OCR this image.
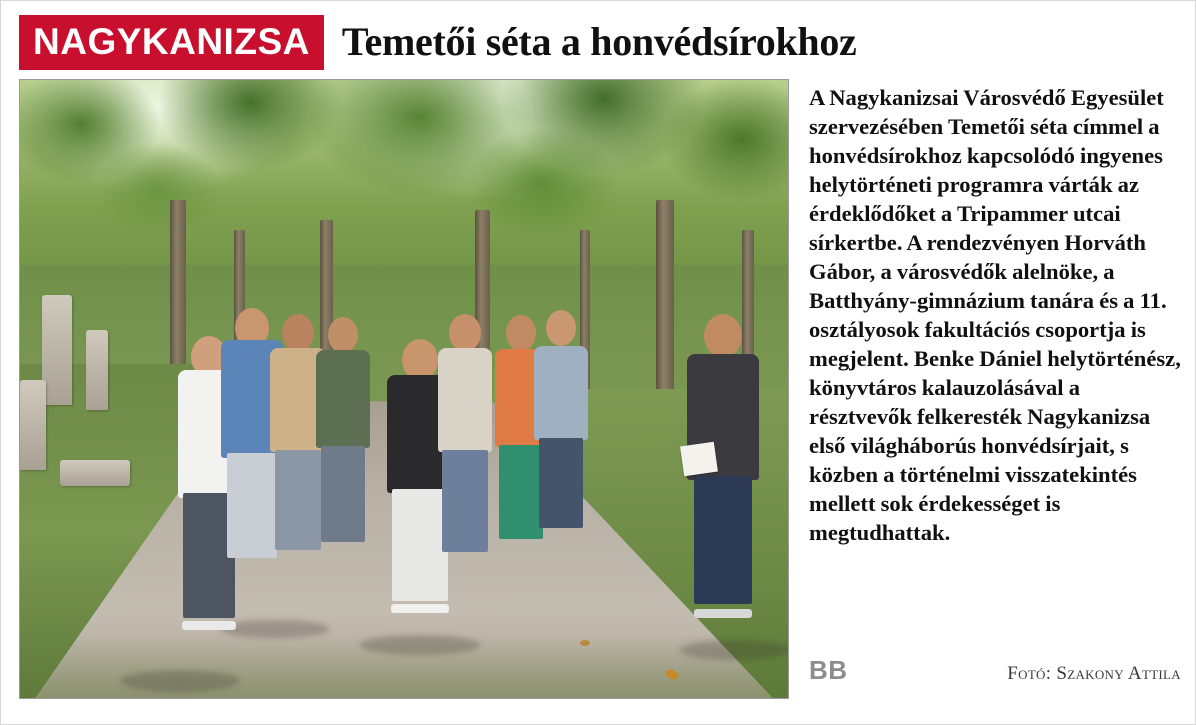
NAGYKANIZSA Temetői séta a honvédsírokhoz

A Nagykanizsai Városvédő Egyesület szervezésében Temetői séta címmel a honvédsírokhoz kapcsolódó ingyenes helytörténeti programra várták az érdeklődőket a Tripammer utcai sírkertbe. A rendezvényen Horváth Gábor, a városvédők alelnöke, a Batthyány-gimnázium tanára és a 11. osztályosok fakultációs csoportja is megjelent. Benke Dániel helytörténész, könyvtáros kalauzolásával a résztvevők felkeresték Nagykanizsa első világháborús honvédsírjait, s közben a történelmi visszatekintés mellett sok érdekességet is megtudhattak.

BB	Fotó: Szakony Attila
